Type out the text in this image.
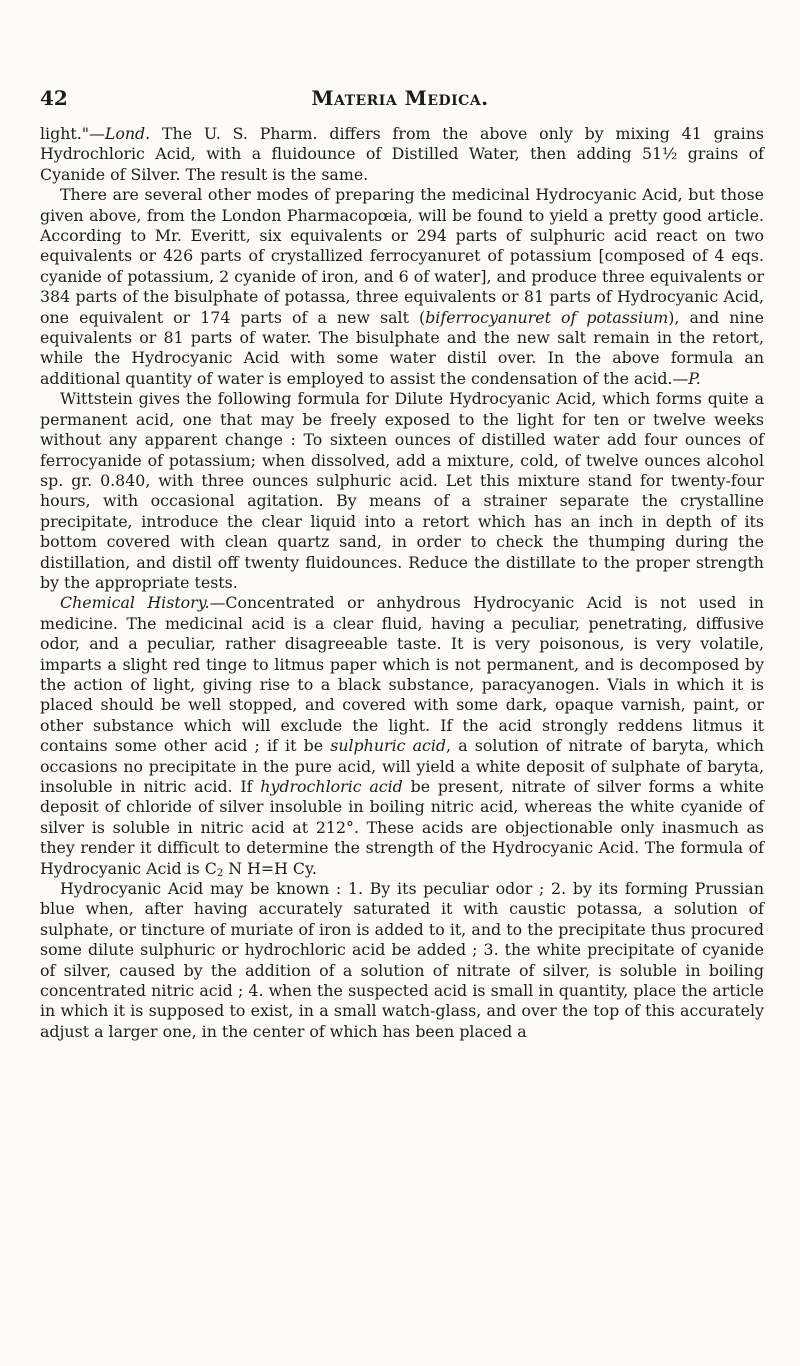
42	Materia Medica.

light."—Lond. The U. S. Pharm. differs from the above only by mixing 41 grains Hydrochloric Acid, with a fluidounce of Distilled Water, then adding 51½ grains of Cyanide of Silver. The result is the same.

There are several other modes of preparing the medicinal Hydrocyanic Acid, but those given above, from the London Pharmacopœia, will be found to yield a pretty good article. According to Mr. Everitt, six equivalents or 294 parts of sulphuric acid react on two equivalents or 426 parts of crystallized ferrocyanuret of potassium [composed of 4 eqs. cyanide of potassium, 2 cyanide of iron, and 6 of water], and produce three equivalents or 384 parts of the bisulphate of potassa, three equivalents or 81 parts of Hydrocyanic Acid, one equivalent or 174 parts of a new salt (biferrocyanuret of potassium), and nine equivalents or 81 parts of water. The bisulphate and the new salt remain in the retort, while the Hydrocyanic Acid with some water distil over. In the above formula an additional quantity of water is employed to assist the condensation of the acid.—P.

Wittstein gives the following formula for Dilute Hydrocyanic Acid, which forms quite a permanent acid, one that may be freely exposed to the light for ten or twelve weeks without any apparent change : To sixteen ounces of distilled water add four ounces of ferrocyanide of potassium; when dissolved, add a mixture, cold, of twelve ounces alcohol sp. gr. 0.840, with three ounces sulphuric acid. Let this mixture stand for twenty-four hours, with occasional agitation. By means of a strainer separate the crystalline precipitate, introduce the clear liquid into a retort which has an inch in depth of its bottom covered with clean quartz sand, in order to check the thumping during the distillation, and distil off twenty fluidounces. Reduce the distillate to the proper strength by the appropriate tests.

Chemical History.—Concentrated or anhydrous Hydrocyanic Acid is not used in medicine. The medicinal acid is a clear fluid, having a peculiar, penetrating, diffusive odor, and a peculiar, rather disagreeable taste. It is very poisonous, is very volatile, imparts a slight red tinge to litmus paper which is not permanent, and is decomposed by the action of light, giving rise to a black substance, paracyanogen. Vials in which it is placed should be well stopped, and covered with some dark, opaque varnish, paint, or other substance which will exclude the light. If the acid strongly reddens litmus it contains some other acid ; if it be sulphuric acid, a solution of nitrate of baryta, which occasions no precipitate in the pure acid, will yield a white deposit of sulphate of baryta, insoluble in nitric acid. If hydrochloric acid be present, nitrate of silver forms a white deposit of chloride of silver insoluble in boiling nitric acid, whereas the white cyanide of silver is soluble in nitric acid at 212°. These acids are objectionable only inasmuch as they render it difficult to determine the strength of the Hydrocyanic Acid. The formula of Hydrocyanic Acid is $C_2$ N H=H Cy.

Hydrocyanic Acid may be known : 1. By its peculiar odor ; 2. by its forming Prussian blue when, after having accurately saturated it with caustic potassa, a solution of sulphate, or tincture of muriate of iron is added to it, and to the precipitate thus procured some dilute sulphuric or hydrochloric acid be added ; 3. the white precipitate of cyanide of silver, caused by the addition of a solution of nitrate of silver, is soluble in boiling concentrated nitric acid ; 4. when the suspected acid is small in quantity, place the article in which it is supposed to exist, in a small watch-glass, and over the top of this accurately adjust a larger one, in the center of which has been placed a
